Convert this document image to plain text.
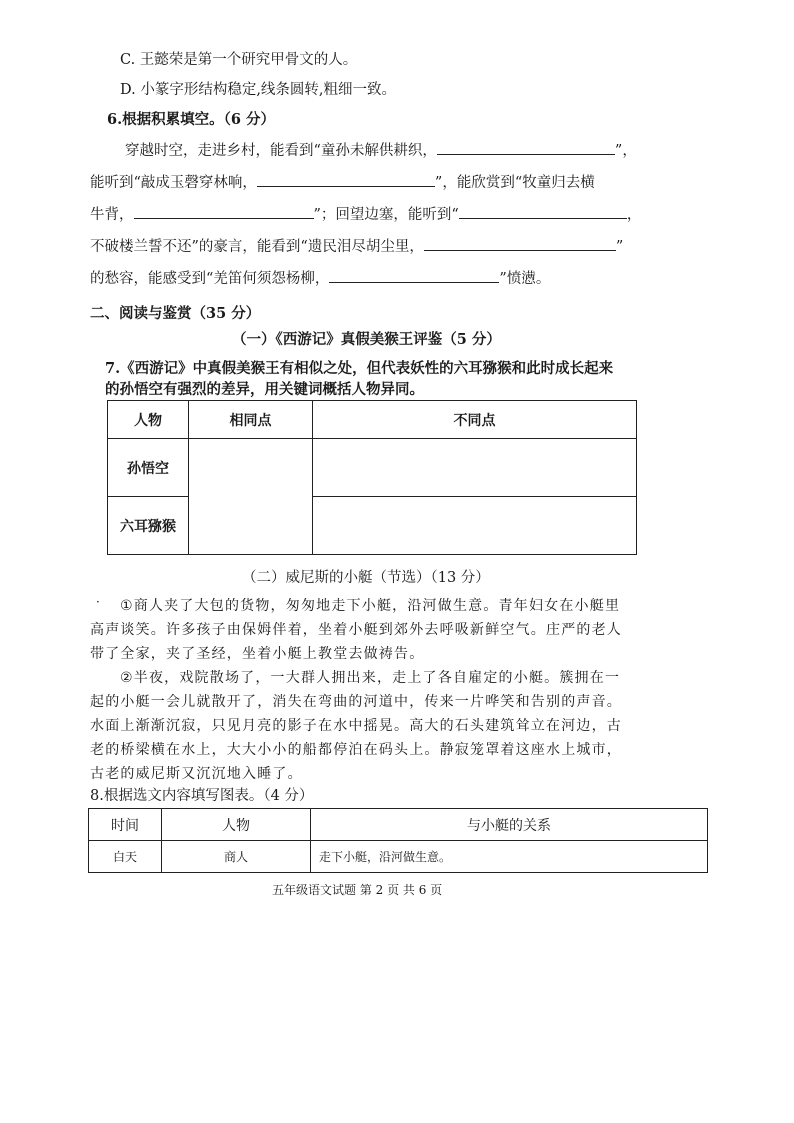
C. 王懿荣是第一个研究甲骨文的人。
D. 小篆字形结构稳定,线条圆转,粗细一致。
6.根据积累填空。（6 分）
穿越时空，走进乡村，能看到“童孙未解供耕织，	”，
能听到“敲成玉磬穿林响，	”，能欣赏到“牧童归去横
牛背，	”；回望边塞，能听到“	，
不破楼兰誓不还”的豪言，能看到“遗民泪尽胡尘里，	”
的愁容，能感受到“羌笛何须怨杨柳，	”愤懑。
二、阅读与鉴赏（35 分）
（一）《西游记》真假美猴王评鉴（5 分）
7.《西游记》中真假美猴王有相似之处，但代表妖性的六耳猕猴和此时成长起来
的孙悟空有强烈的差异，用关键词概括人物异同。
人物	相同点	不同点
孙悟空		
六耳猕猴		
（二）威尼斯的小艇（节选）（13 分）
· ①商人夹了大包的货物，匆匆地走下小艇，沿河做生意。青年妇女在小艇里
高声谈笑。许多孩子由保姆伴着，坐着小艇到郊外去呼吸新鲜空气。庄严的老人
带了全家，夹了圣经，坐着小艇上教堂去做祷告。
②半夜，戏院散场了，一大群人拥出来，走上了各自雇定的小艇。簇拥在一
起的小艇一会儿就散开了，消失在弯曲的河道中，传来一片哗笑和告别的声音。
水面上渐渐沉寂，只见月亮的影子在水中摇晃。高大的石头建筑耸立在河边，古
老的桥梁横在水上，大大小小的船都停泊在码头上。静寂笼罩着这座水上城市，
古老的威尼斯又沉沉地入睡了。
8.根据选文内容填写图表。（4 分）
时间	人物	与小艇的关系
白天	商人	走下小艇，沿河做生意。
五年级语文试题 第 2 页 共 6 页
